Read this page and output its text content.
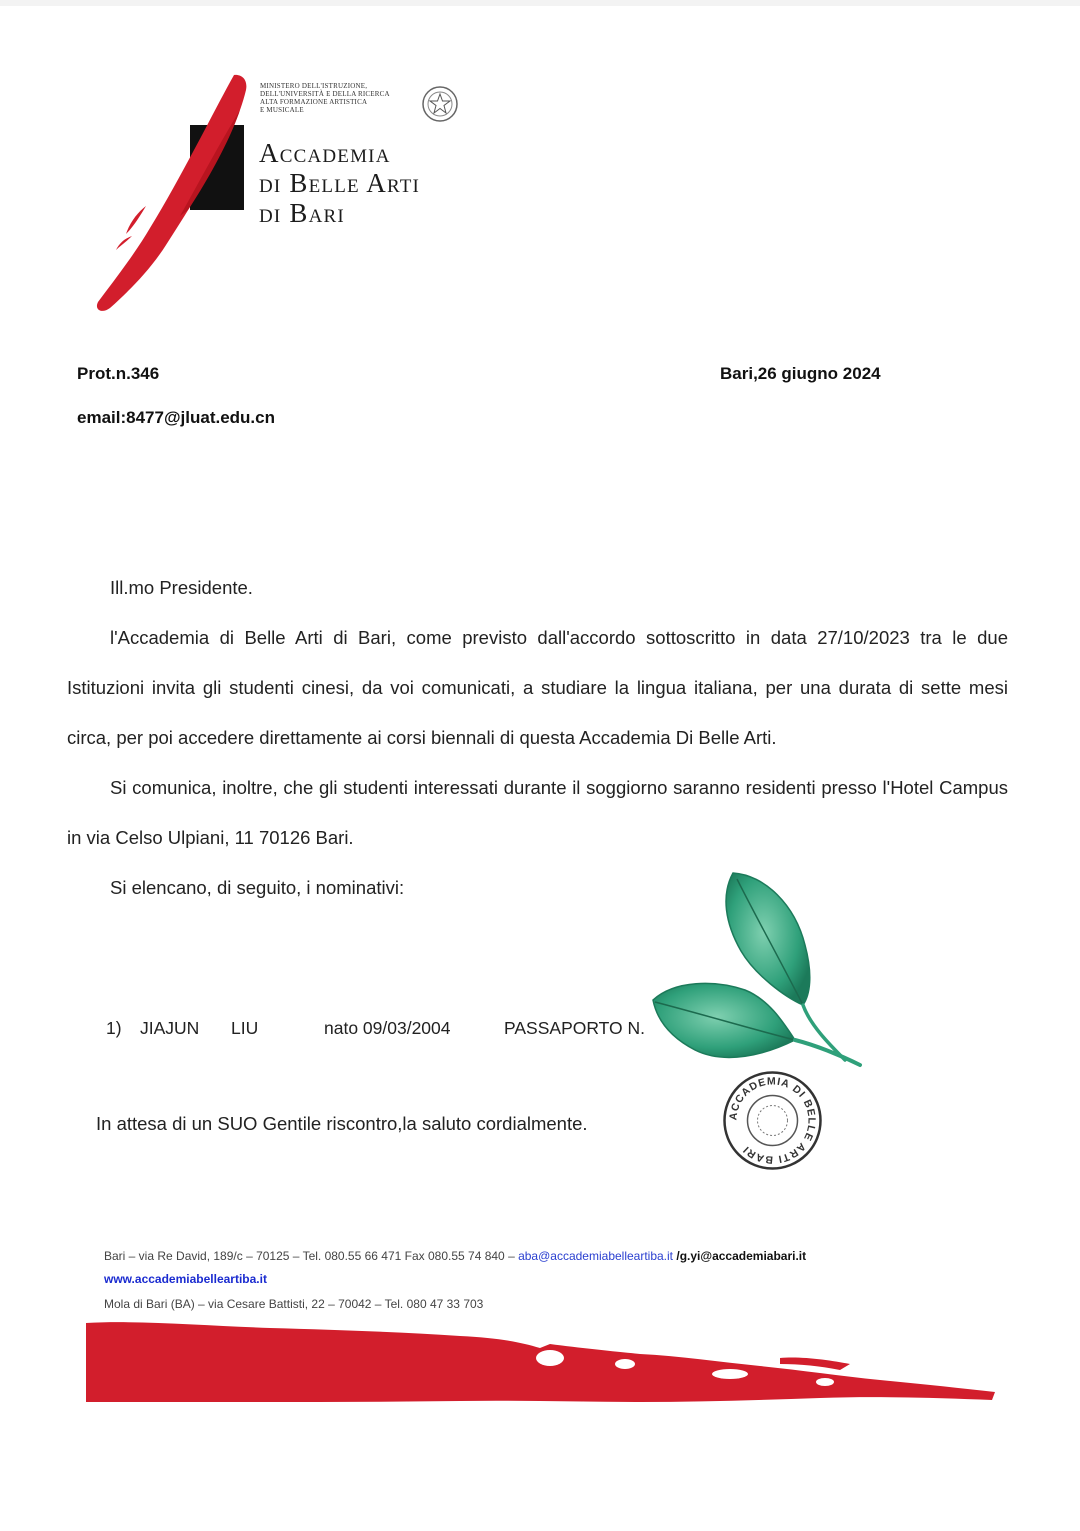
MINISTERO DELL'ISTRUZIONE,
DELL'UNIVERSITÀ E DELLA RICERCA
ALTA FORMAZIONE ARTISTICA
E MUSICALE
Accademia
di Belle Arti
di Bari
Prot.n.346	Bari,26 giugno 2024
email:8477@jluat.edu.cn

Ill.mo Presidente.

l'Accademia di Belle Arti di Bari, come previsto dall'accordo sottoscritto in data 27/10/2023 tra le due Istituzioni invita gli studenti cinesi, da voi comunicati, a studiare la lingua italiana, per una durata di sette mesi circa, per poi accedere direttamente ai corsi biennali di questa Accademia Di Belle Arti.

Si comunica, inoltre, che gli studenti interessati durante il soggiorno saranno residenti presso l'Hotel Campus in via Celso Ulpiani, 11 70126 Bari.

Si elencano, di seguito, i nominativi:

1) JIAJUN LIU	nato 09/03/2004	PASSAPORTO N.
ACCADEMIA DI BELLE ARTI BARI
In attesa di un SUO Gentile riscontro,la saluto cordialmente.
Bari – via Re David, 189/c – 70125 – Tel. 080.55 66 471 Fax 080.55 74 840 – aba@accademiabelleartiba.it /g.yi@accademiabari.it
www.accademiabelleartiba.it
Mola di Bari (BA) – via Cesare Battisti, 22 – 70042 – Tel. 080 47 33 703
